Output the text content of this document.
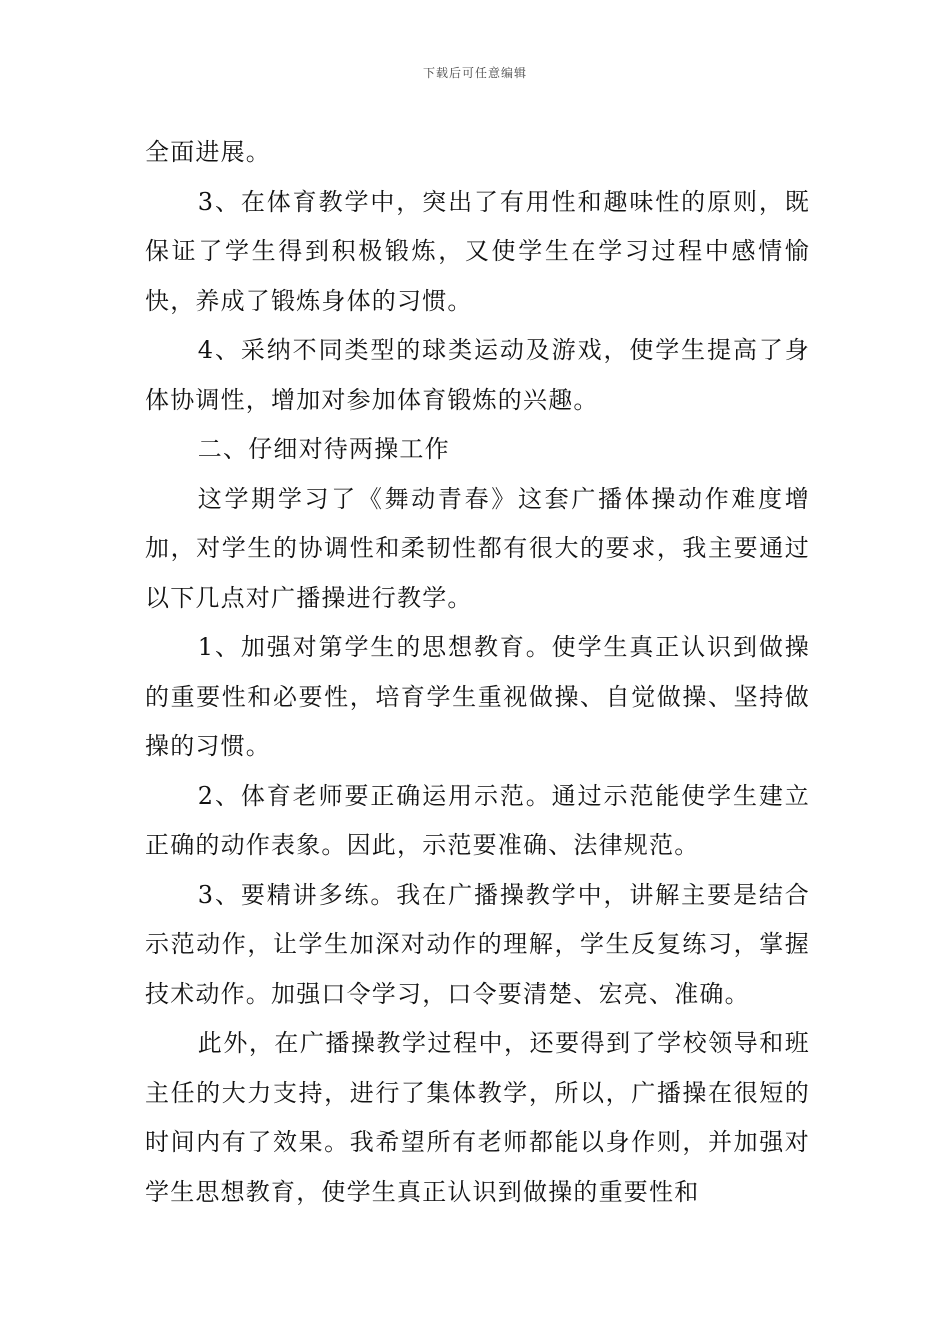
下载后可任意编辑

全面进展。

3、在体育教学中，突出了有用性和趣味性的原则，既保证了学生得到积极锻炼，又使学生在学习过程中感情愉快，养成了锻炼身体的习惯。

4、采纳不同类型的球类运动及游戏，使学生提高了身体协调性，增加对参加体育锻炼的兴趣。

二、仔细对待两操工作

这学期学习了《舞动青春》这套广播体操动作难度增加，对学生的协调性和柔韧性都有很大的要求，我主要通过以下几点对广播操进行教学。

1、加强对第学生的思想教育。使学生真正认识到做操的重要性和必要性，培育学生重视做操、自觉做操、坚持做操的习惯。

2、体育老师要正确运用示范。通过示范能使学生建立正确的动作表象。因此，示范要准确、法律规范。

3、要精讲多练。我在广播操教学中，讲解主要是结合示范动作，让学生加深对动作的理解，学生反复练习，掌握技术动作。加强口令学习，口令要清楚、宏亮、准确。

此外，在广播操教学过程中，还要得到了学校领导和班主任的大力支持，进行了集体教学，所以，广播操在很短的时间内有了效果。我希望所有老师都能以身作则，并加强对学生思想教育，使学生真正认识到做操的重要性和
